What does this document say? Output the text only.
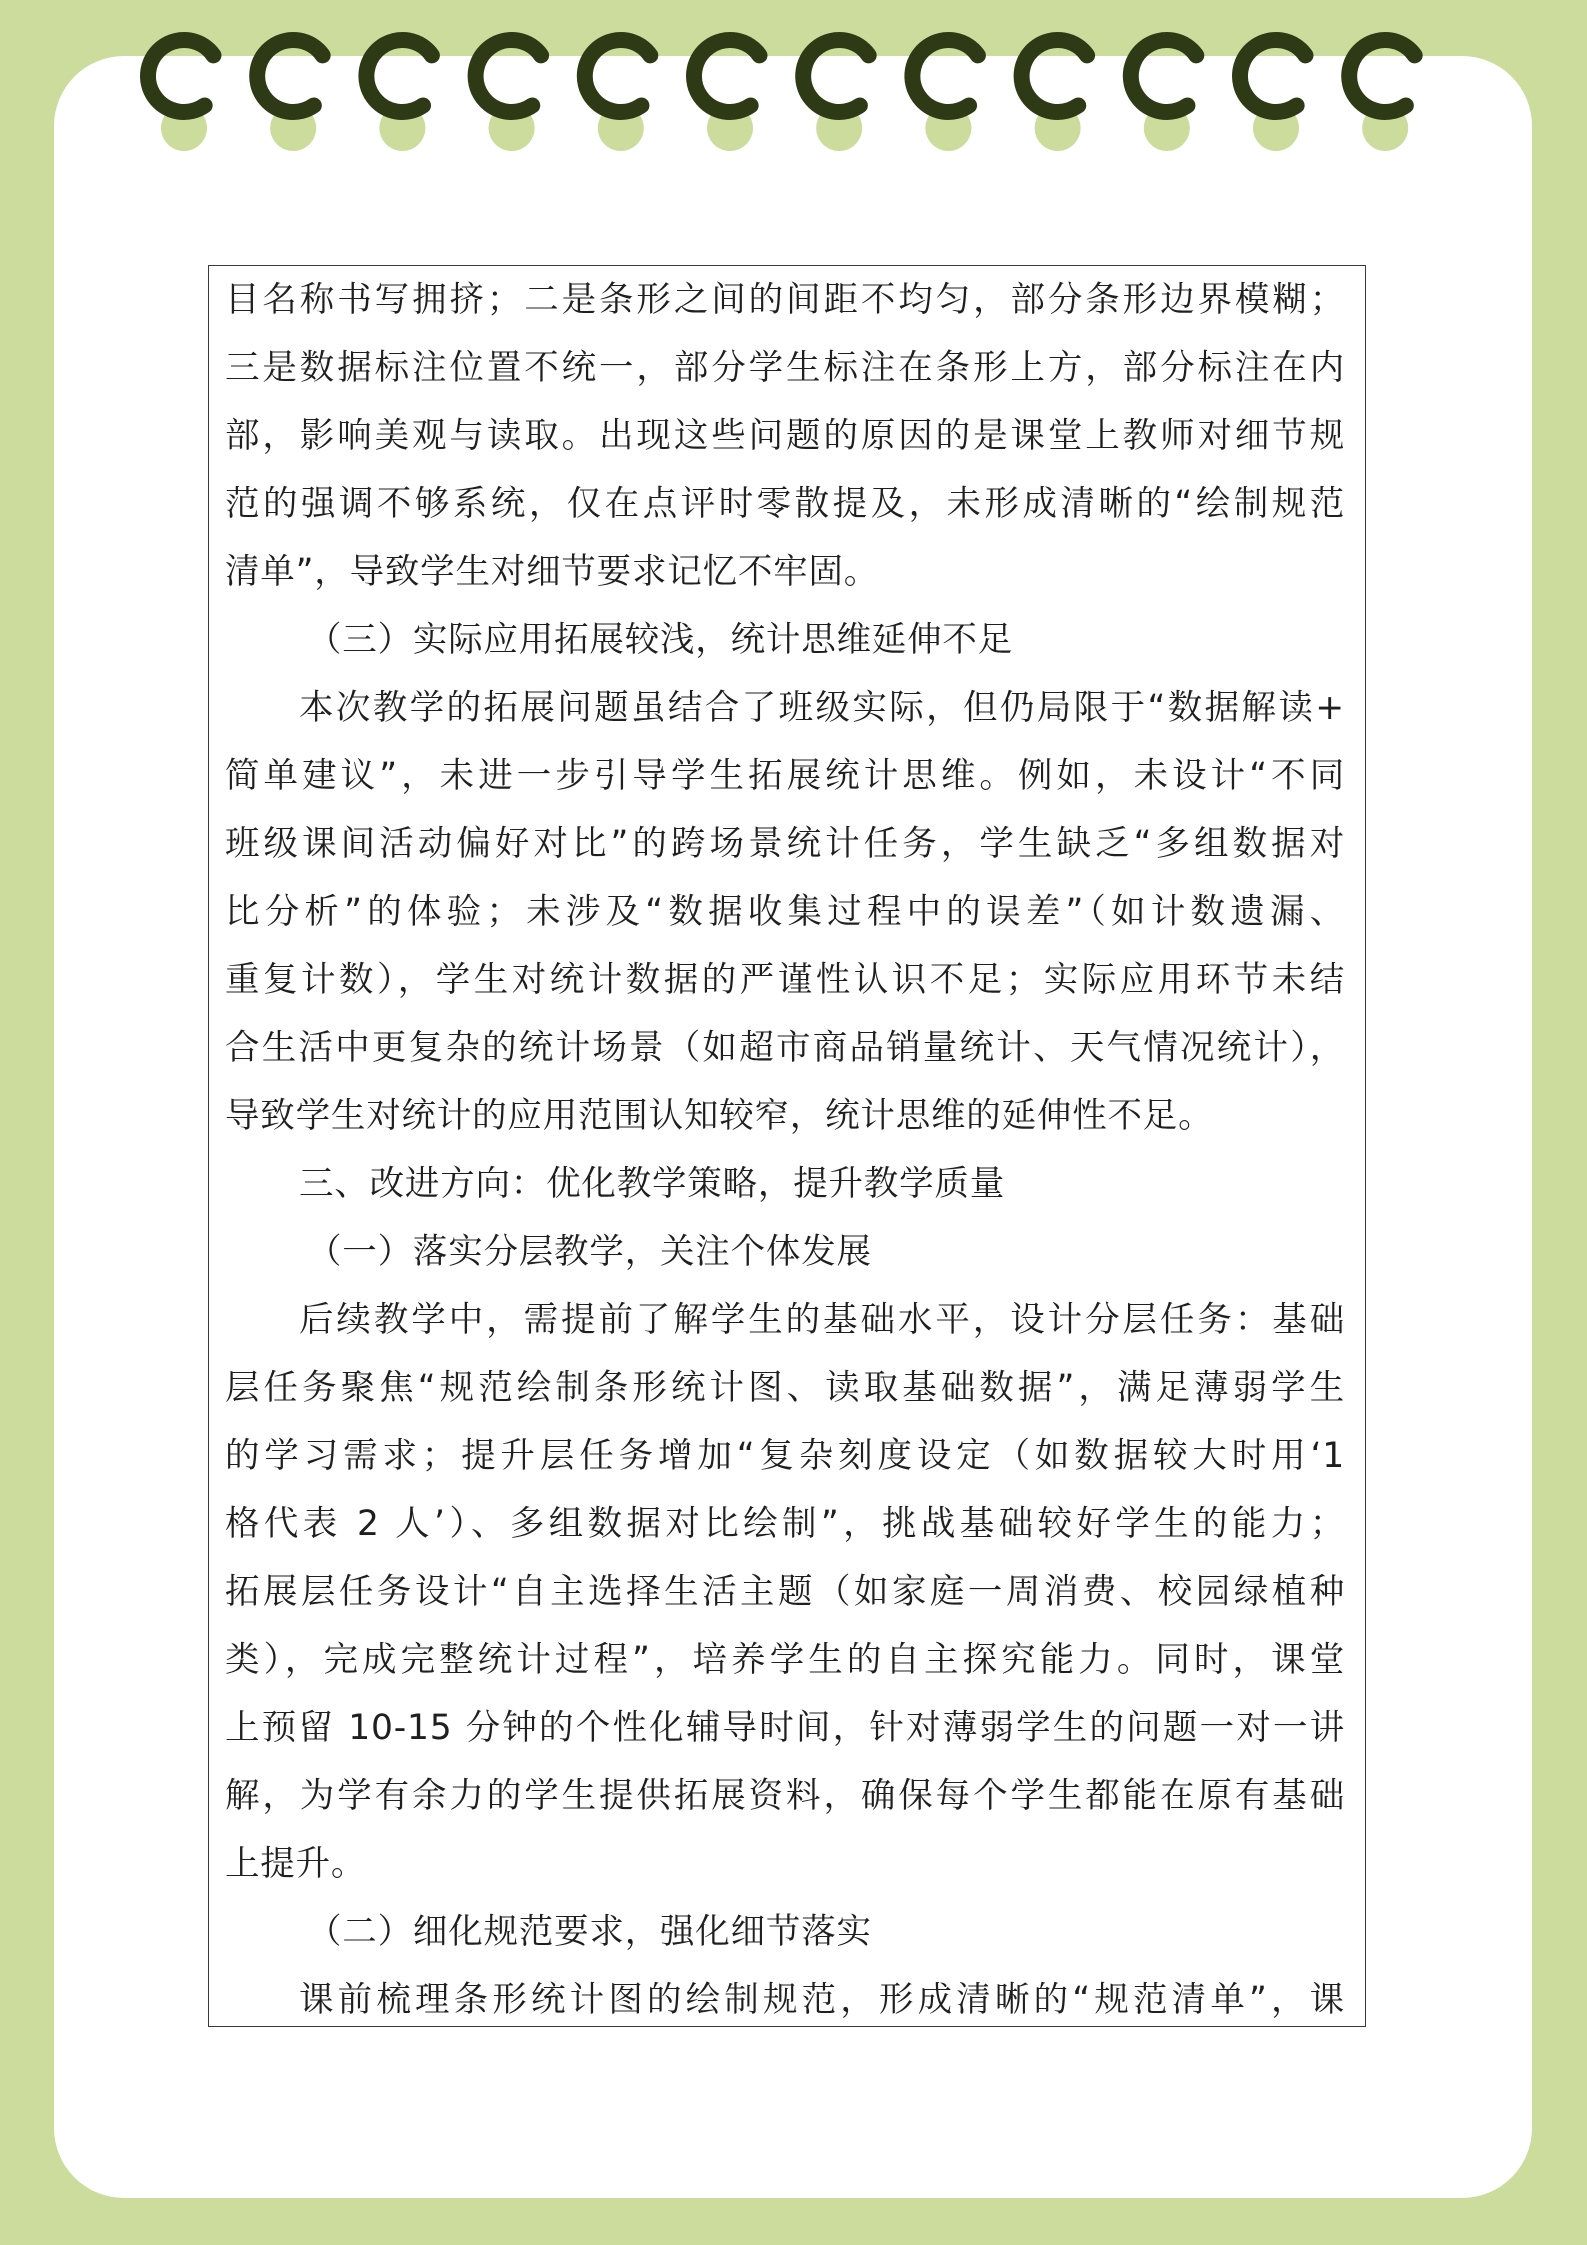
目名称书写拥挤；二是条形之间的间距不均匀，部分条形边界模糊；
三是数据标注位置不统一，部分学生标注在条形上方，部分标注在内
部，影响美观与读取。出现这些问题的原因的是课堂上教师对细节规
范的强调不够系统，仅在点评时零散提及，未形成清晰的“绘制规范
清单”，导致学生对细节要求记忆不牢固。
（三）实际应用拓展较浅，统计思维延伸不足
本次教学的拓展问题虽结合了班级实际，但仍局限于“数据解读+
简单建议”，未进一步引导学生拓展统计思维。例如，未设计“不同
班级课间活动偏好对比”的跨场景统计任务，学生缺乏“多组数据对
比分析”的体验；未涉及“数据收集过程中的误差”（如计数遗漏、
重复计数），学生对统计数据的严谨性认识不足；实际应用环节未结
合生活中更复杂的统计场景（如超市商品销量统计、天气情况统计），
导致学生对统计的应用范围认知较窄，统计思维的延伸性不足。
三、改进方向：优化教学策略，提升教学质量
（一）落实分层教学，关注个体发展
后续教学中，需提前了解学生的基础水平，设计分层任务：基础
层任务聚焦“规范绘制条形统计图、读取基础数据”，满足薄弱学生
的学习需求；提升层任务增加“复杂刻度设定（如数据较大时用‘1
格代表 2 人’）、多组数据对比绘制”，挑战基础较好学生的能力；
拓展层任务设计“自主选择生活主题（如家庭一周消费、校园绿植种
类），完成完整统计过程”，培养学生的自主探究能力。同时，课堂
上预留 10-15 分钟的个性化辅导时间，针对薄弱学生的问题一对一讲
解，为学有余力的学生提供拓展资料，确保每个学生都能在原有基础
上提升。
（二）细化规范要求，强化细节落实
课前梳理条形统计图的绘制规范，形成清晰的“规范清单”，课
